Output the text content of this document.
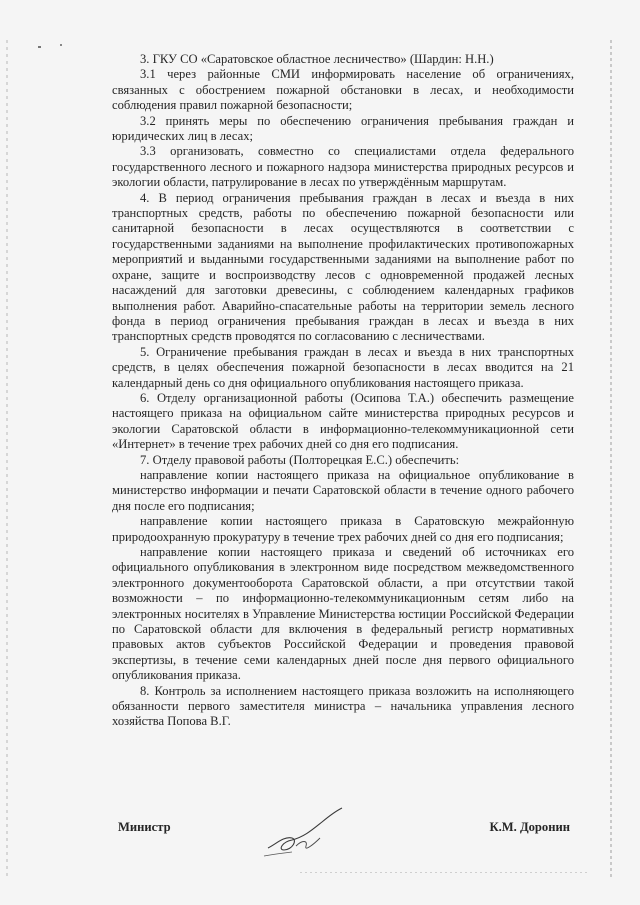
3. ГКУ СО «Саратовское областное лесничество» (Шардин: Н.Н.)

3.1 через районные СМИ информировать население об ограничениях, связанных с обострением пожарной обстановки в лесах, и необходимости соблюдения правил пожарной безопасности;

3.2 принять меры по обеспечению ограничения пребывания граждан и юридических лиц в лесах;

3.3 организовать, совместно со специалистами отдела федерального государственного лесного и пожарного надзора министерства природных ресурсов и экологии области, патрулирование в лесах по утверждённым маршрутам.

4. В период ограничения пребывания граждан в лесах и въезда в них транспортных средств, работы по обеспечению пожарной безопасности или санитарной безопасности в лесах осуществляются в соответствии с государственными заданиями на выполнение профилактических противопожарных мероприятий и выданными государственными заданиями на выполнение работ по охране, защите и воспроизводству лесов с одновременной продажей лесных насаждений для заготовки древесины, с соблюдением календарных графиков выполнения работ. Аварийно-спасательные работы на территории земель лесного фонда в период ограничения пребывания граждан в лесах и въезда в них транспортных средств проводятся по согласованию с лесничествами.

5. Ограничение пребывания граждан в лесах и въезда в них транспортных средств, в целях обеспечения пожарной безопасности в лесах вводится на 21 календарный день со дня официального опубликования настоящего приказа.

6. Отделу организационной работы (Осипова Т.А.) обеспечить размещение настоящего приказа на официальном сайте министерства природных ресурсов и экологии Саратовской области в информационно-телекоммуникационной сети «Интернет» в течение трех рабочих дней со дня его подписания.

7. Отделу правовой работы (Полторецкая Е.С.) обеспечить:

направление копии настоящего приказа на официальное опубликование в министерство информации и печати Саратовской области в течение одного рабочего дня после его подписания;

направление копии настоящего приказа в Саратовскую межрайонную природоохранную прокуратуру в течение трех рабочих дней со дня его подписания;

направление копии настоящего приказа и сведений об источниках его официального опубликования в электронном виде посредством межведомственного электронного документооборота Саратовской области, а при отсутствии такой возможности – по информационно-телекоммуникационным сетям либо на электронных носителях в Управление Министерства юстиции Российской Федерации по Саратовской области для включения в федеральный регистр нормативных правовых актов субъектов Российской Федерации и проведения правовой экспертизы, в течение семи календарных дней после дня первого официального опубликования приказа.

8. Контроль за исполнением настоящего приказа возложить на исполняющего обязанности первого заместителя министра – начальника управления лесного хозяйства Попова В.Г.

Министр	К.М. Доронин
